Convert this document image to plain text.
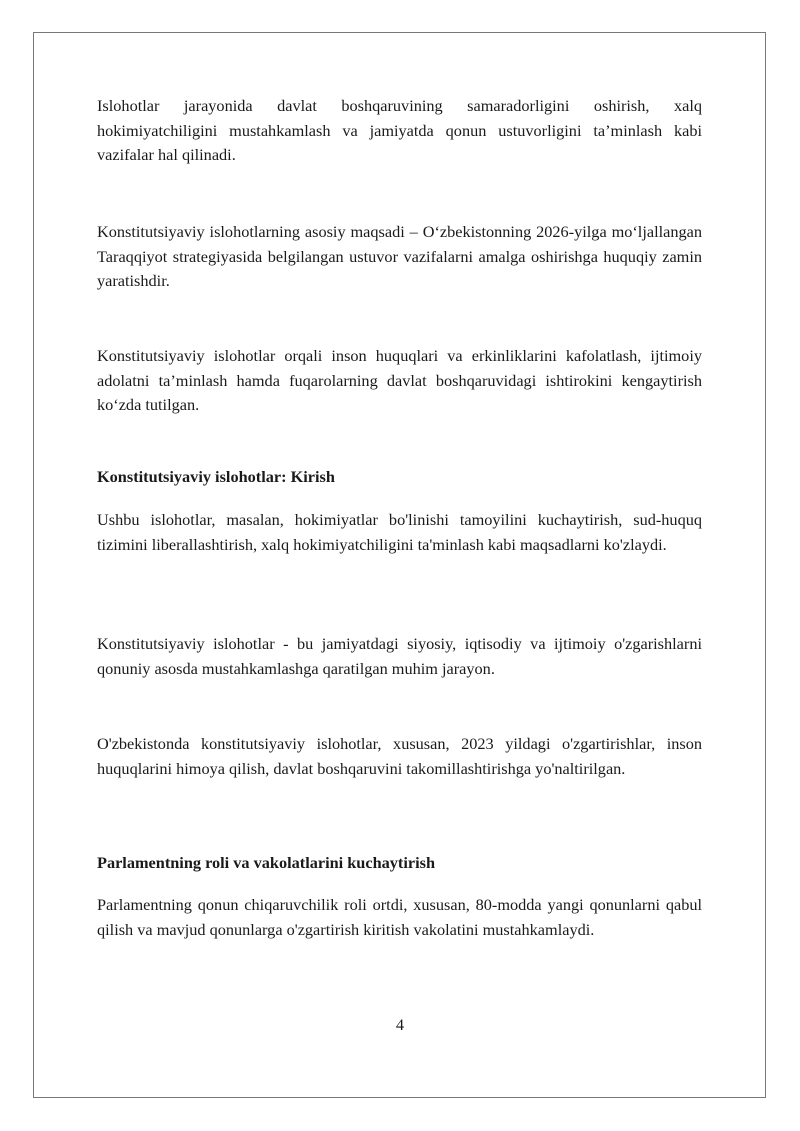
Islohotlar jarayonida davlat boshqaruvining samaradorligini oshirish, xalq hokimiyatchiligini mustahkamlash va jamiyatda qonun ustuvorligini ta’minlash kabi vazifalar hal qilinadi.

Konstitutsiyaviy islohotlarning asosiy maqsadi – O‘zbekistonning 2026-yilga mo‘ljallangan Taraqqiyot strategiyasida belgilangan ustuvor vazifalarni amalga oshirishga huquqiy zamin yaratishdir.

Konstitutsiyaviy islohotlar orqali inson huquqlari va erkinliklarini kafolatlash, ijtimoiy adolatni ta’minlash hamda fuqarolarning davlat boshqaruvidagi ishtirokini kengaytirish ko‘zda tutilgan.

Konstitutsiyaviy islohotlar: Kirish

Ushbu islohotlar, masalan, hokimiyatlar bo'linishi tamoyilini kuchaytirish, sud-huquq tizimini liberallashtirish, xalq hokimiyatchiligini ta'minlash kabi maqsadlarni ko'zlaydi.

Konstitutsiyaviy islohotlar - bu jamiyatdagi siyosiy, iqtisodiy va ijtimoiy o'zgarishlarni qonuniy asosda mustahkamlashga qaratilgan muhim jarayon.

O'zbekistonda konstitutsiyaviy islohotlar, xususan, 2023 yildagi o'zgartirishlar, inson huquqlarini himoya qilish, davlat boshqaruvini takomillashtirishga yo'naltirilgan.

Parlamentning roli va vakolatlarini kuchaytirish

Parlamentning qonun chiqaruvchilik roli ortdi, xususan, 80-modda yangi qonunlarni qabul qilish va mavjud qonunlarga o'zgartirish kiritish vakolatini mustahkamlaydi.

4
